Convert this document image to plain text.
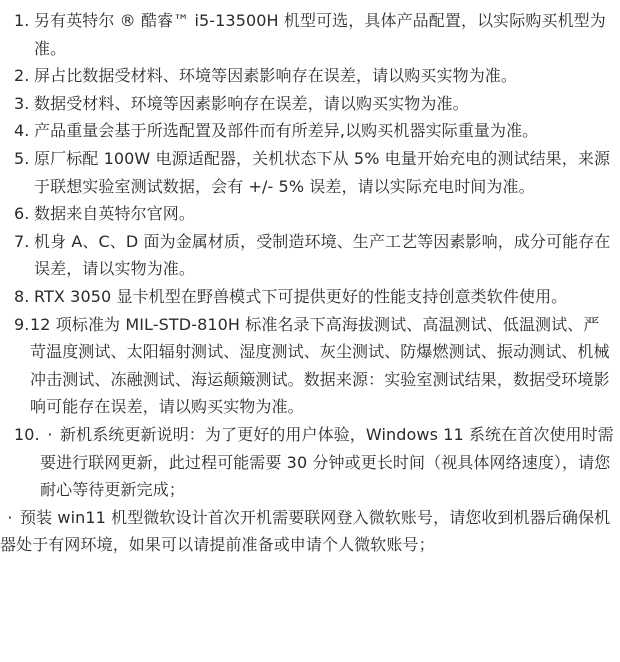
1. 另有英特尔 ® 酷睿™ i5-13500H 机型可选，具体产品配置，以实际购买机型为准。
2. 屏占比数据受材料、环境等因素影响存在误差，请以购买实物为准。
3. 数据受材料、环境等因素影响存在误差，请以购买实物为准。
4. 产品重量会基于所选配置及部件而有所差异,以购买机器实际重量为准。
5. 原厂标配 100W 电源适配器，关机状态下从 5% 电量开始充电的测试结果，来源于联想实验室测试数据，会有 +/- 5% 误差，请以实际充电时间为准。
6. 数据来自英特尔官网。
7. 机身 A、C、D 面为金属材质，受制造环境、生产工艺等因素影响，成分可能存在误差，请以实物为准。
8. RTX 3050 显卡机型在野兽模式下可提供更好的性能支持创意类软件使用。
9. 12 项标准为 MIL-STD-810H 标准名录下高海拔测试、高温测试、低温测试、严苛温度测试、太阳辐射测试、湿度测试、灰尘测试、防爆燃测试、振动测试、机械冲击测试、冻融测试、海运颠簸测试。数据来源：实验室测试结果，数据受环境影响可能存在误差，请以购买实物为准。
10. · 新机系统更新说明：为了更好的用户体验，Windows 11 系统在首次使用时需要进行联网更新，此过程可能需要 30 分钟或更长时间（视具体网络速度），请您耐心等待更新完成；
· 预装 win11 机型微软设计首次开机需要联网登入微软账号，请您收到机器后确保机器处于有网环境，如果可以请提前准备或申请个人微软账号；
